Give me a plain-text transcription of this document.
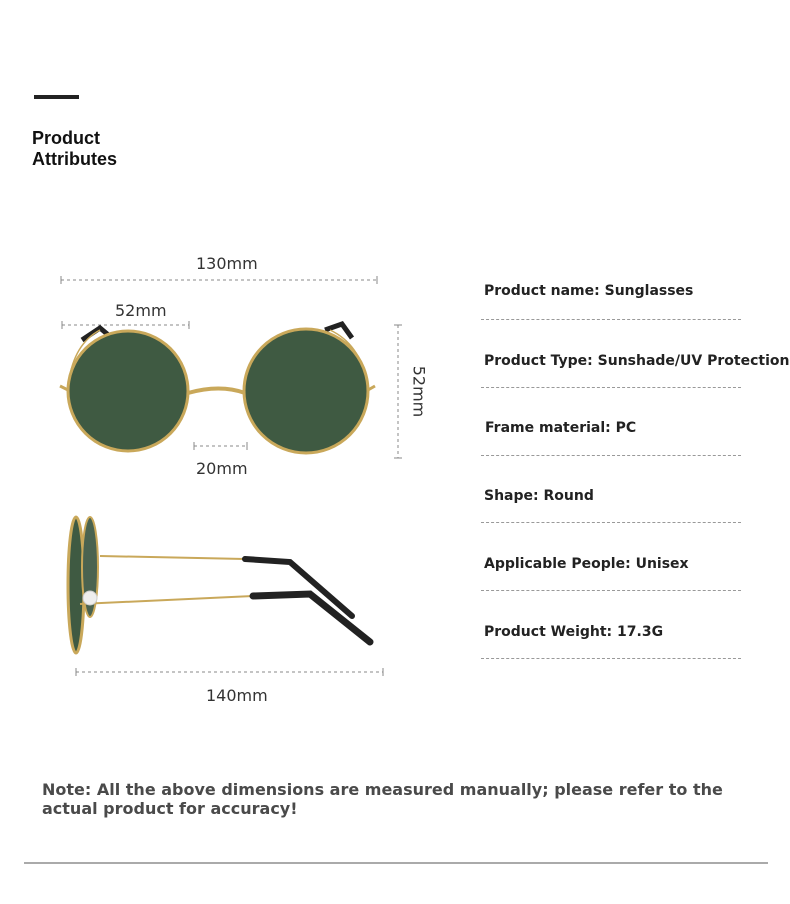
Product
Attributes
130mm
52mm
52mm
20mm
140mm
Product name: Sunglasses
Product Type: Sunshade/UV Protection
Frame material: PC
Shape: Round
Applicable People: Unisex
Product Weight: 17.3G
Note: All the above dimensions are measured manually; please refer to the actual product for accuracy!
